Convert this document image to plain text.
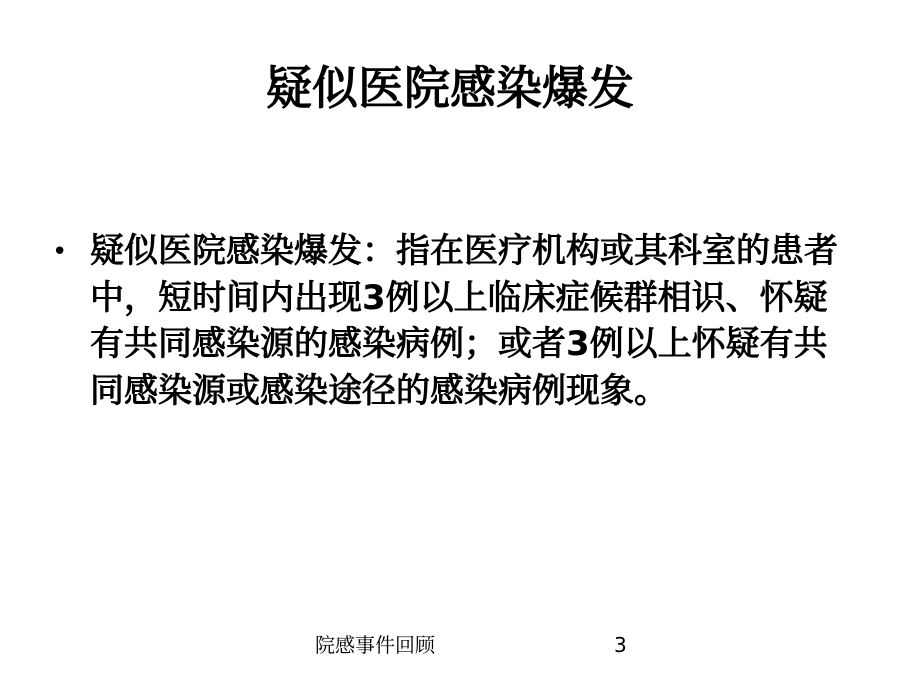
疑似医院感染爆发
• 疑似医院感染爆发：指在医疗机构或其科室的患者中，短时间内出现3例以上临床症候群相识、怀疑有共同感染源的感染病例；或者3例以上怀疑有共同感染源或感染途径的感染病例现象。
院感事件回顾	3
